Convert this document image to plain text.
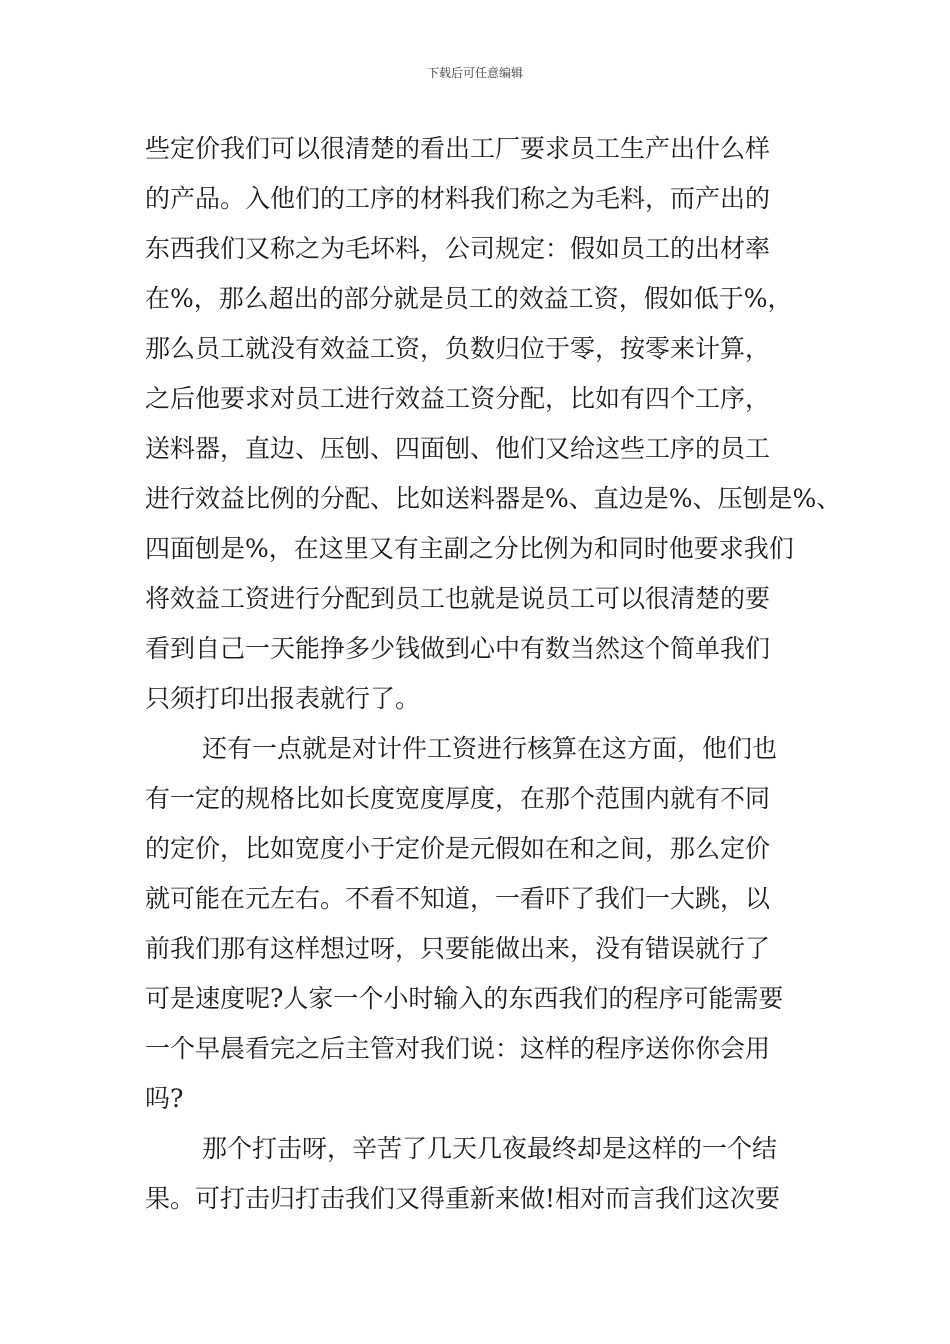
下载后可任意编辑
些定价我们可以很清楚的看出工厂要求员工生产出什么样
的产品。入他们的工序的材料我们称之为毛料，而产出的
东西我们又称之为毛坏料，公司规定：假如员工的出材率
在%，那么超出的部分就是员工的效益工资，假如低于%，
那么员工就没有效益工资，负数归位于零，按零来计算，
之后他要求对员工进行效益工资分配，比如有四个工序，
送料器，直边、压刨、四面刨、他们又给这些工序的员工
进行效益比例的分配、比如送料器是%、直边是%、压刨是%、
四面刨是%，在这里又有主副之分比例为和同时他要求我们
将效益工资进行分配到员工也就是说员工可以很清楚的要
看到自己一天能挣多少钱做到心中有数当然这个简单我们
只须打印出报表就行了。
还有一点就是对计件工资进行核算在这方面，他们也
有一定的规格比如长度宽度厚度，在那个范围内就有不同
的定价，比如宽度小于定价是元假如在和之间，那么定价
就可能在元左右。不看不知道，一看吓了我们一大跳，以
前我们那有这样想过呀，只要能做出来，没有错误就行了
可是速度呢?人家一个小时输入的东西我们的程序可能需要
一个早晨看完之后主管对我们说：这样的程序送你你会用
吗?
那个打击呀，辛苦了几天几夜最终却是这样的一个结
果。可打击归打击我们又得重新来做!相对而言我们这次要
